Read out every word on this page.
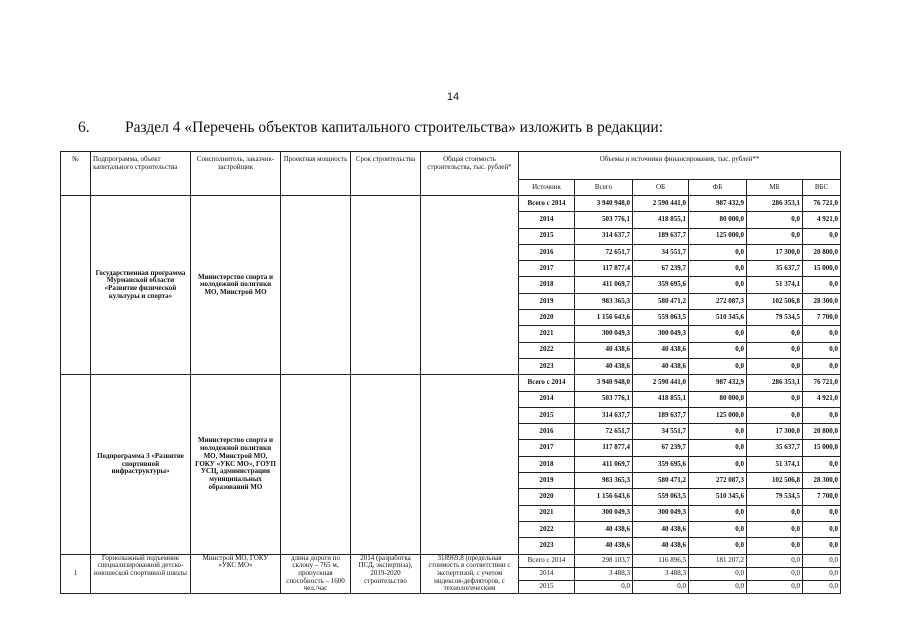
14
6. Раздел 4 «Перечень объектов капитального строительства» изложить в редакции:
№	Подпрограмма, объект капитального строительства	Соисполнитель, заказчик-застройщик	Проектная мощность	Срок строительства	Общая стоимость строительства, тыс. рублей*	Объемы и источники финансирования, тыс. рублей**					
						Источник	Всего	ОБ	ФБ	МБ	ВБС
	Государственная программа Мурманской области «Развитие физической культуры и спорта»	Министерство спорта и молодежной политики МО, Минстрой МО				Всего с 2014	3 940 948,0	2 590 441,0	987 432,9	286 353,1	76 721,0
						2014	503 776,1	418 855,1	80 000,0	0,0	4 921,0
						2015	314 637,7	189 637,7	125 000,0	0,0	0,0
						2016	72 651,7	34 551,7	0,0	17 300,0	20 800,0
						2017	117 877,4	67 239,7	0,0	35 637,7	15 000,0
						2018	411 069,7	359 695,6	0,0	51 374,1	0,0
						2019	983 365,3	580 471,2	272 087,3	102 506,8	28 300,0
						2020	1 156 643,6	559 063,5	510 345,6	79 534,5	7 700,0
						2021	300 049,3	300 049,3	0,0	0,0	0,0
						2022	40 438,6	40 438,6	0,0	0,0	0,0
						2023	40 438,6	40 438,6	0,0	0,0	0,0
	Подпрограмма 3 «Развитие спортивной инфраструктуры»	Министерство спорта и молодежной политики МО, Минстрой МО, ГОКУ «УКС МО», ГОУП УСЦ, администрации муниципальных образований МО				Всего с 2014	3 940 948,0	2 590 441,0	987 432,9	286 353,1	76 721,0
						2014	503 776,1	418 855,1	80 000,0	0,0	4 921,0
						2015	314 637,7	189 637,7	125 000,0	0,0	0,0
						2016	72 651,7	34 551,7	0,0	17 300,0	20 800,0
						2017	117 877,4	67 239,7	0,0	35 637,7	15 000,0
						2018	411 069,7	359 695,6	0,0	51 374,1	0,0
						2019	983 365,3	580 471,2	272 087,3	102 506,8	28 300,0
						2020	1 156 643,6	559 063,5	510 345,6	79 534,5	7 700,0
						2021	300 049,3	300 049,3	0,0	0,0	0,0
						2022	40 438,6	40 438,6	0,0	0,0	0,0
						2023	40 438,6	40 438,6	0,0	0,0	0,0
1	Горнолыжный подъемник специализированной детско-юношеской спортивной школы	Минстрой МО, ГОКУ «УКС МО»	длина дороги по склону – 765 м, пропускная способность – 1600 чел./час	2014 (разработка ПСД, экспертиза), 2019-2020 строительство	318969,8 (предельная стоимость в соответствии с экспертизой, с учетом индексов-дефляторов, с технологическим	Всего с 2014	298 103,7	116 896,5	181 207,2	0,0	0,0
						2014	3 488,3	3 488,3	0,0	0,0	0,0
						2015	0,0	0,0	0,0	0,0	0,0
